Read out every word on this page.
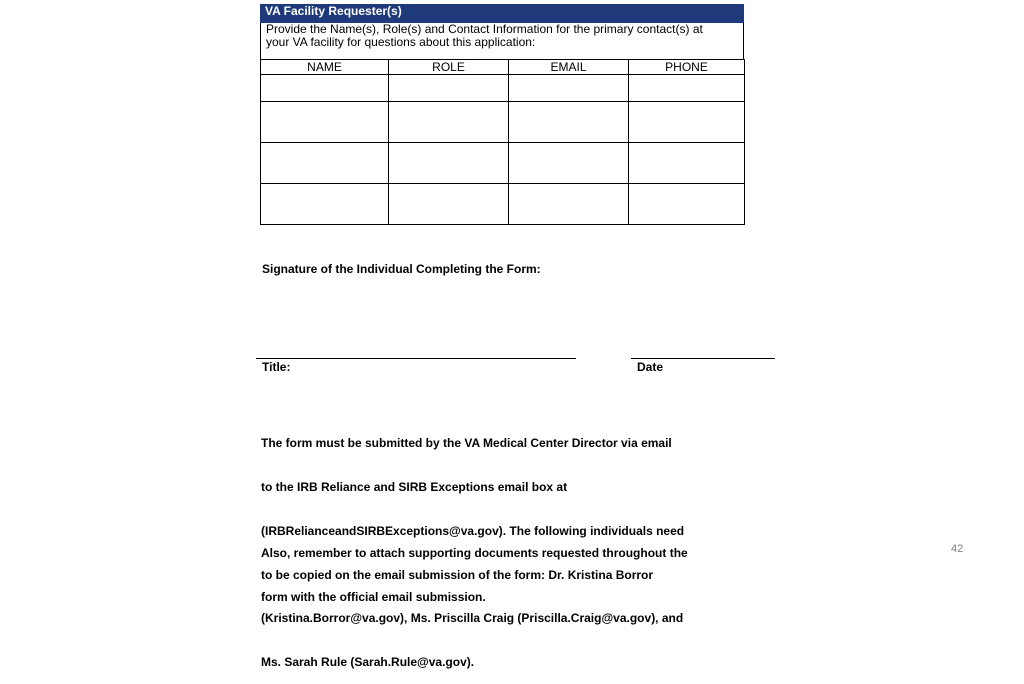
VA Facility Requester(s)
Provide the Name(s), Role(s) and Contact Information for the primary contact(s) at
your VA facility for questions about this application:
NAME	ROLE	EMAIL	PHONE

Signature of the Individual Completing the Form:
Title:	Date

The form must be submitted by the VA Medical Center Director via email

to the IRB Reliance and SIRB Exceptions email box at

(IRBRelianceandSIRBExceptions@va.gov). The following individuals need

to be copied on the email submission of the form: Dr. Kristina Borror

(Kristina.Borror@va.gov), Ms. Priscilla Craig (Priscilla.Craig@va.gov), and

Ms. Sarah Rule (Sarah.Rule@va.gov).

Also, remember to attach supporting documents requested throughout the

form with the official email submission.

42
